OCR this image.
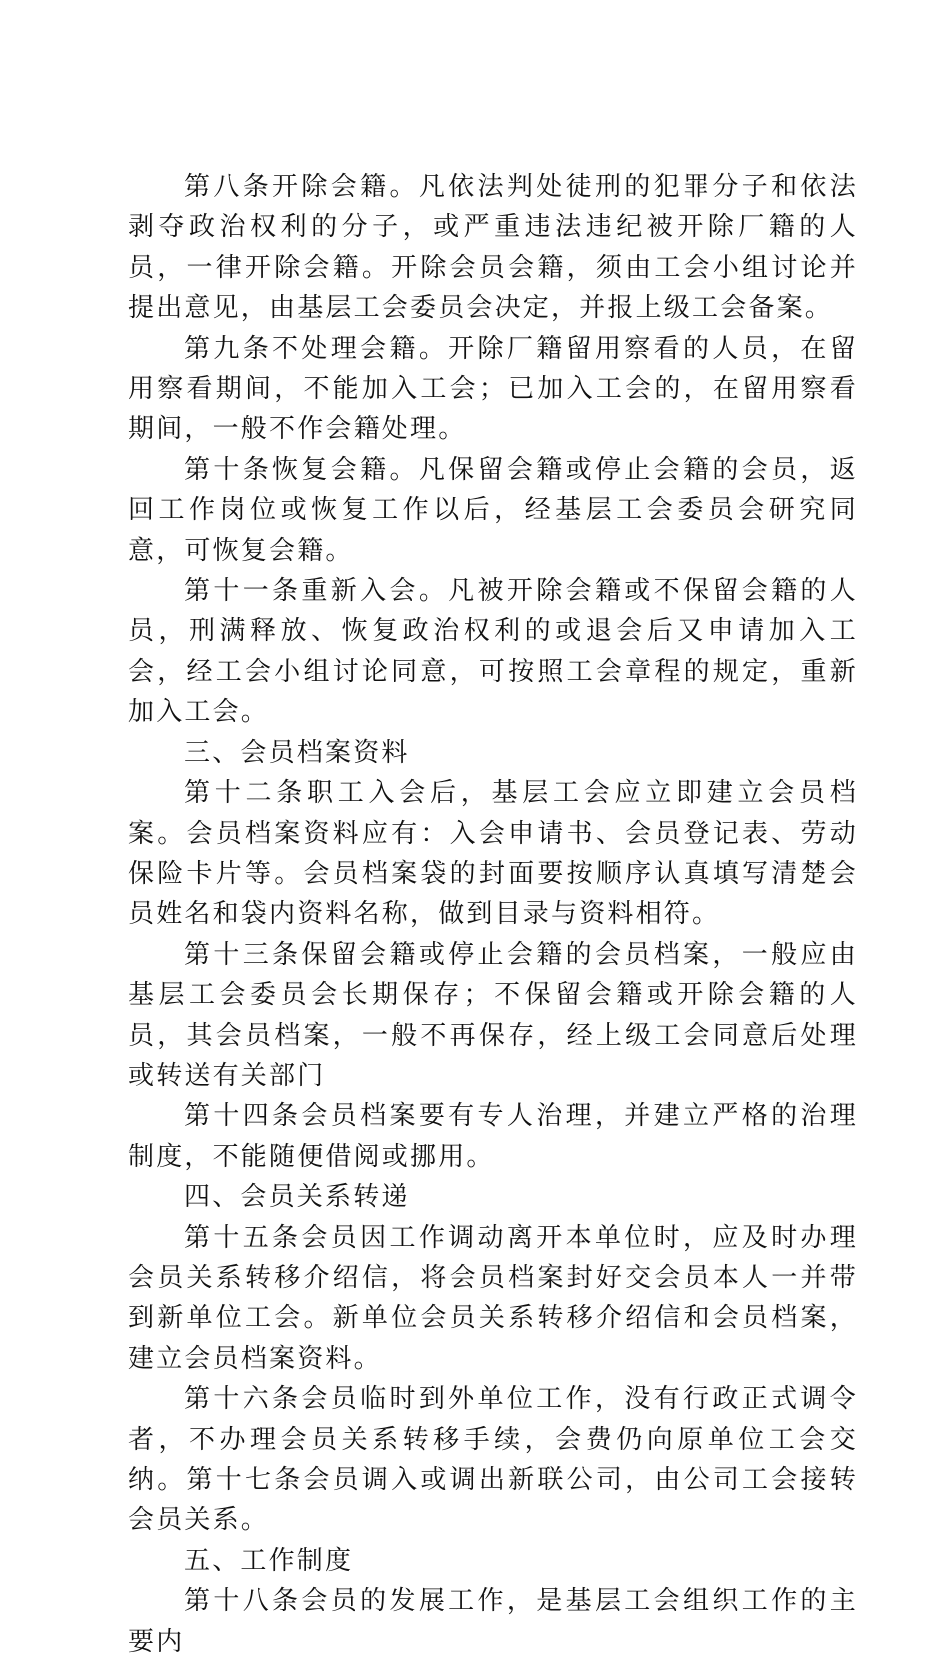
第八条开除会籍。凡依法判处徒刑的犯罪分子和依法剥夺政治权利的分子，或严重违法违纪被开除厂籍的人员，一律开除会籍。开除会员会籍，须由工会小组讨论并提出意见，由基层工会委员会决定，并报上级工会备案。

第九条不处理会籍。开除厂籍留用察看的人员，在留用察看期间，不能加入工会；已加入工会的，在留用察看期间，一般不作会籍处理。

第十条恢复会籍。凡保留会籍或停止会籍的会员，返回工作岗位或恢复工作以后，经基层工会委员会研究同意，可恢复会籍。

第十一条重新入会。凡被开除会籍或不保留会籍的人员，刑满释放、恢复政治权利的或退会后又申请加入工会，经工会小组讨论同意，可按照工会章程的规定，重新加入工会。

三、会员档案资料

第十二条职工入会后，基层工会应立即建立会员档案。会员档案资料应有：入会申请书、会员登记表、劳动保险卡片等。会员档案袋的封面要按顺序认真填写清楚会员姓名和袋内资料名称，做到目录与资料相符。

第十三条保留会籍或停止会籍的会员档案，一般应由基层工会委员会长期保存；不保留会籍或开除会籍的人员，其会员档案，一般不再保存，经上级工会同意后处理或转送有关部门

第十四条会员档案要有专人治理，并建立严格的治理制度，不能随便借阅或挪用。

四、会员关系转递

第十五条会员因工作调动离开本单位时，应及时办理会员关系转移介绍信，将会员档案封好交会员本人一并带到新单位工会。新单位会员关系转移介绍信和会员档案，建立会员档案资料。

第十六条会员临时到外单位工作，没有行政正式调令者，不办理会员关系转移手续，会费仍向原单位工会交纳。第十七条会员调入或调出新联公司，由公司工会接转会员关系。

五、工作制度

第十八条会员的发展工作，是基层工会组织工作的主要内
